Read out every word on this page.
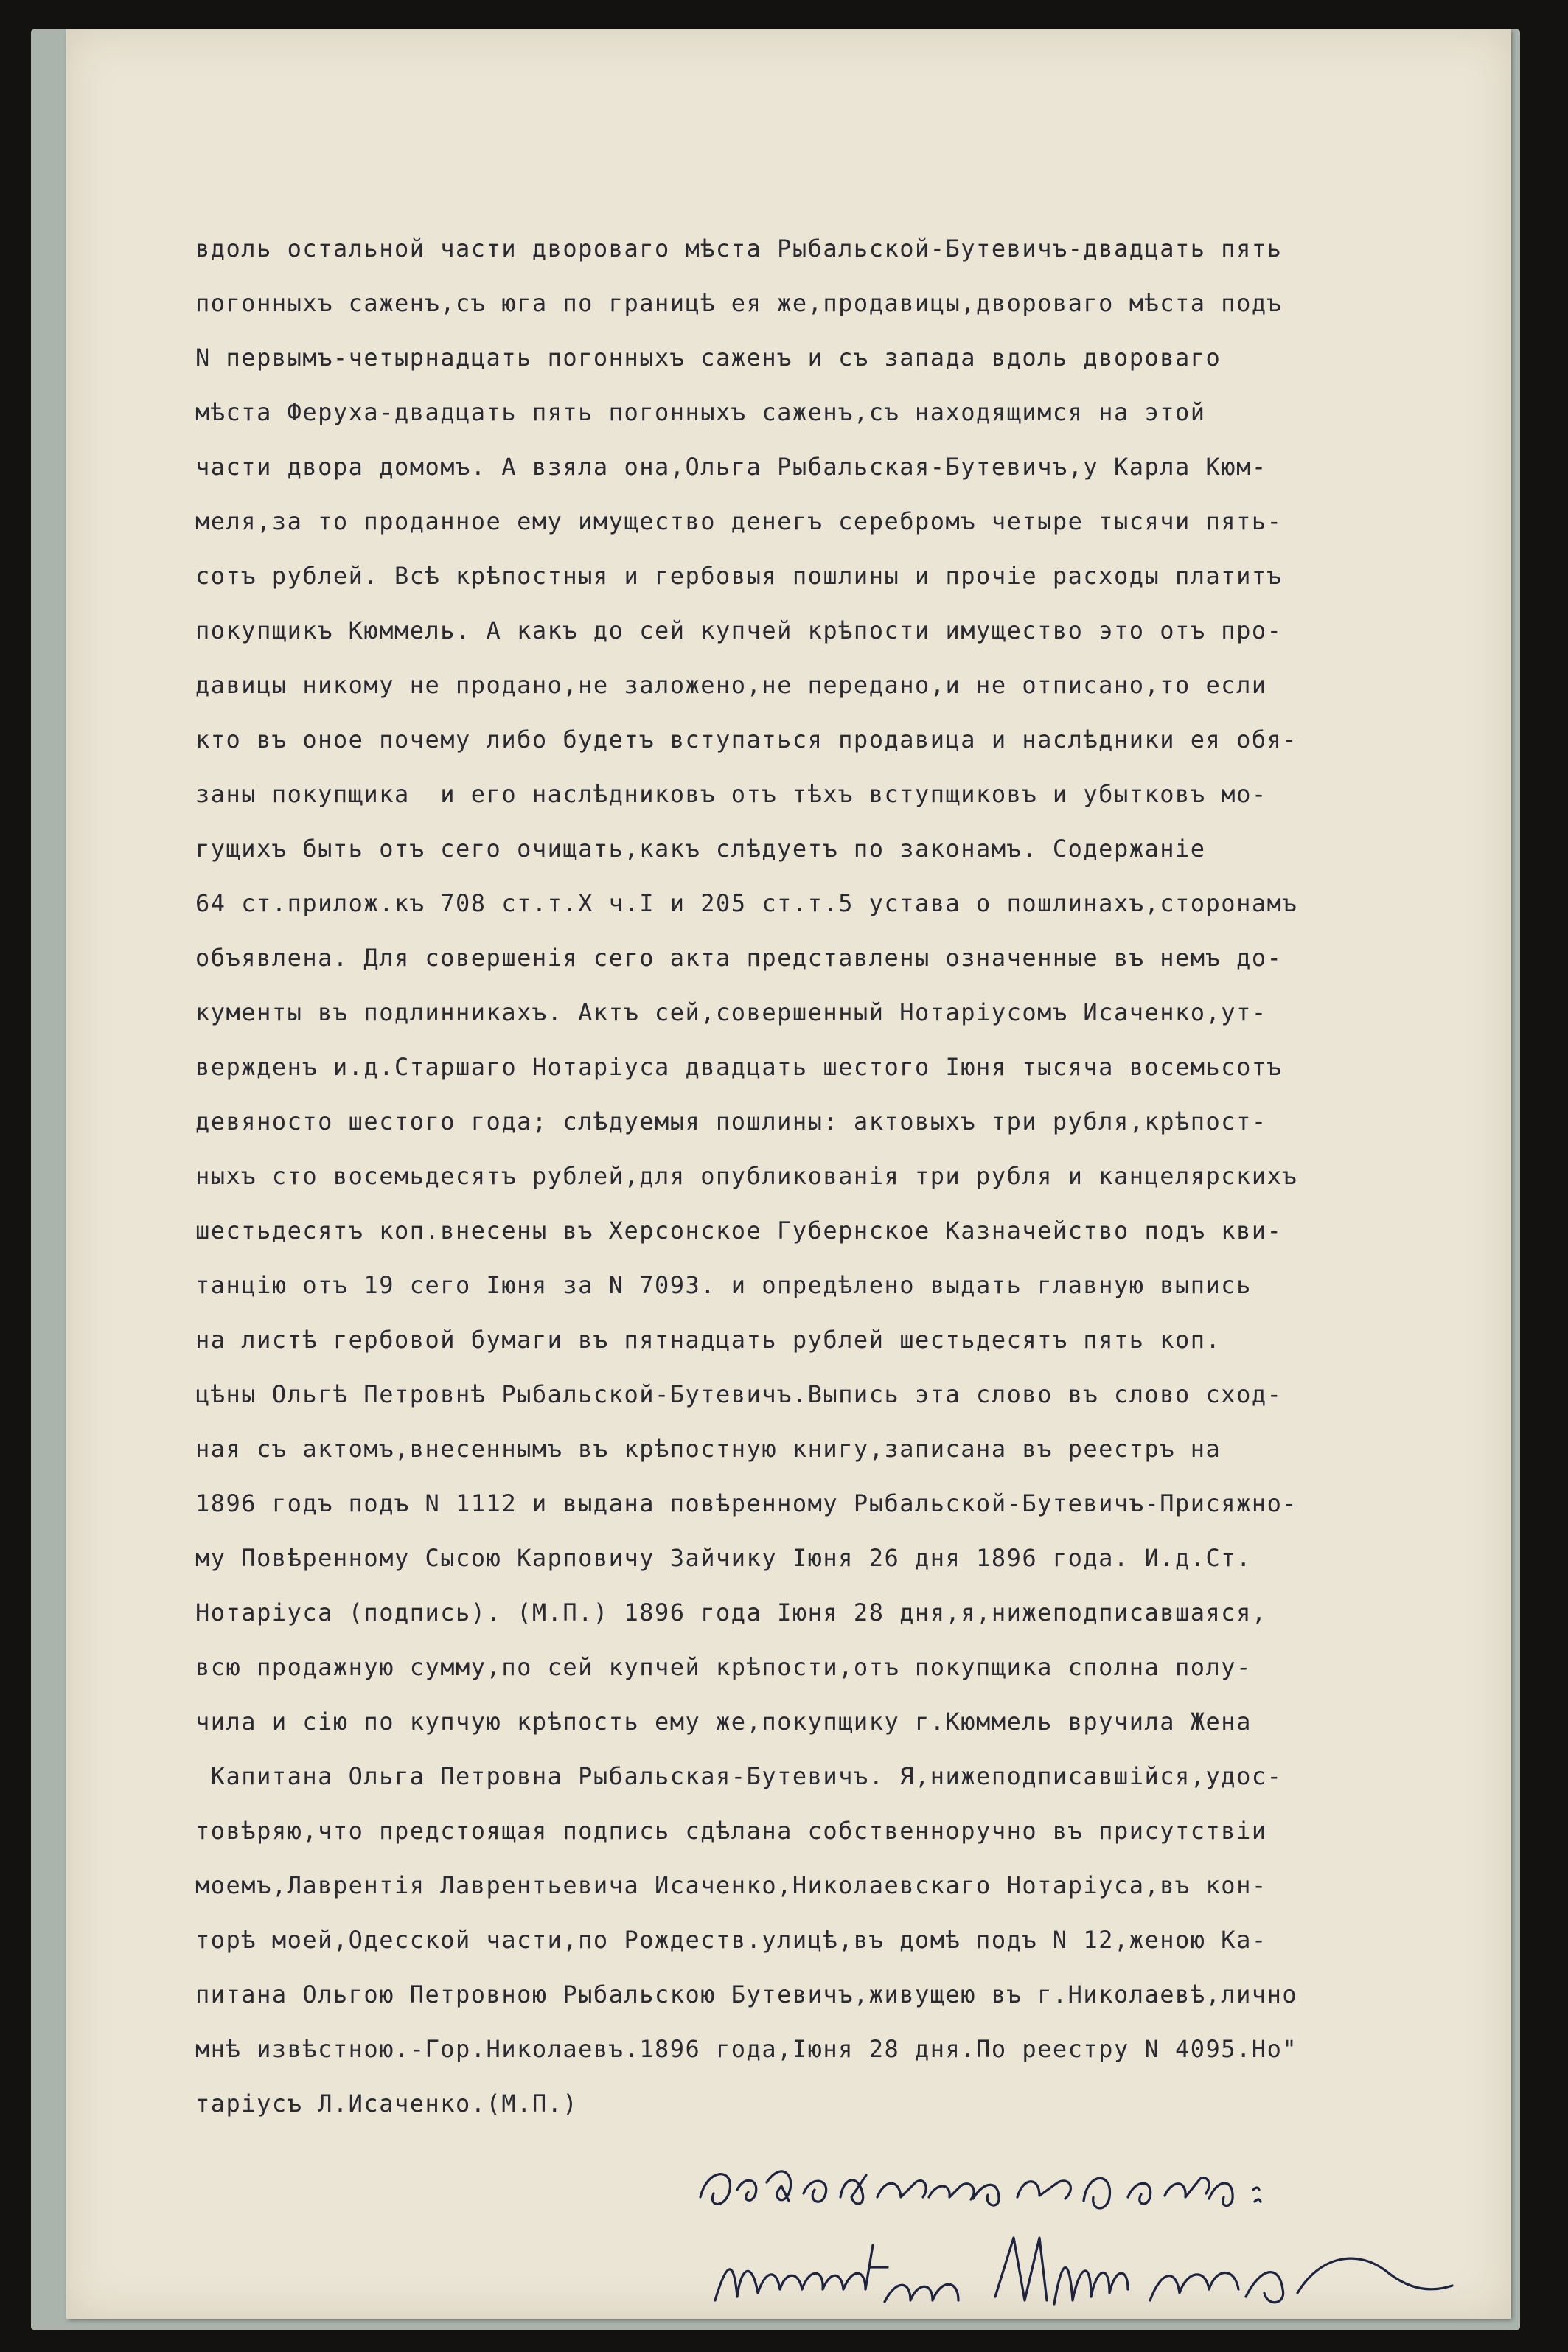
вдоль остальной части двороваго мѣста Рыбальской-Бутевичъ-двадцать пять
погонныхъ саженъ,съ юга по границѣ ея же,продавицы,двороваго мѣста подъ
N первымъ-четырнадцать погонныхъ саженъ и съ запада вдоль двороваго
мѣста Феруха-двадцать пять погонныхъ саженъ,съ находящимся на этой
части двора домомъ. А взяла она,Ольга Рыбальская-Бутевичъ,у Карла Кюм-
меля,за то проданное ему имущество денегъ серебромъ четыре тысячи пять-
сотъ рублей. Всѣ крѣпостныя и гербовыя пошлины и прочiе расходы платитъ
покупщикъ Кюммель. А какъ до сей купчей крѣпости имущество это отъ про-
давицы никому не продано,не заложено,не передано,и не отписано,то если
кто въ оное почему либо будетъ вступаться продавица и наслѣдники ея обя-
заны покупщика  и его наслѣдниковъ отъ тѣхъ вступщиковъ и убытковъ мо-
гущихъ быть отъ сего очищать,какъ слѣдуетъ по законамъ. Содержанiе
64 ст.прилож.къ 708 ст.т.X ч.I и 205 ст.т.5 устава о пошлинахъ,сторонамъ
объявлена. Для совершенiя сего акта представлены означенные въ немъ до-
кументы въ подлинникахъ. Актъ сей,совершенный Нотарiусомъ Исаченко,ут-
вержденъ и.д.Старшаго Нотарiуса двадцать шестого Iюня тысяча восемьсотъ
девяносто шестого года; слѣдуемыя пошлины: актовыхъ три рубля,крѣпост-
ныхъ сто восемьдесятъ рублей,для опубликованiя три рубля и канцелярскихъ
шестьдесятъ коп.внесены въ Херсонское Губернское Казначейство подъ кви-
танцiю отъ 19 сего Iюня за N 7093. и опредѣлено выдать главную выпись
на листѣ гербовой бумаги въ пятнадцать рублей шестьдесятъ пять коп.
цѣны Ольгѣ Петровнѣ Рыбальской-Бутевичъ.Выпись эта слово въ слово сход-
ная съ актомъ,внесеннымъ въ крѣпостную книгу,записана въ реестръ на
1896 годъ подъ N 1112 и выдана повѣренному Рыбальской-Бутевичъ-Присяжно-
му Повѣренному Сысою Карповичу Зайчику Iюня 26 дня 1896 года. И.д.Ст.
Нотарiуса (подпись). (М.П.) 1896 года Iюня 28 дня,я,нижеподписавшаяся,
всю продажную сумму,по сей купчей крѣпости,отъ покупщика сполна полу-
чила и сiю по купчую крѣпость ему же,покупщику г.Кюммель вручила Жена
Капитана Ольга Петровна Рыбальская-Бутевичъ. Я,нижеподписавшiйся,удос-
товѣряю,что предстоящая подпись сдѣлана собственноручно въ присутствiи
моемъ,Лаврентiя Лаврентьевича Исаченко,Николаевскаго Нотарiуса,въ кон-
торѣ моей,Одесской части,по Рождеств.улицѣ,въ домѣ подъ N 12,женою Ка-
питана Ольгою Петровною Рыбальскою Бутевичъ,живущею въ г.Николаевѣ,лично
мнѣ извѣстною.-Гор.Николаевъ.1896 года,Iюня 28 дня.По реестру N 4095.Но"
тарiусъ Л.Исаченко.(М.П.)
